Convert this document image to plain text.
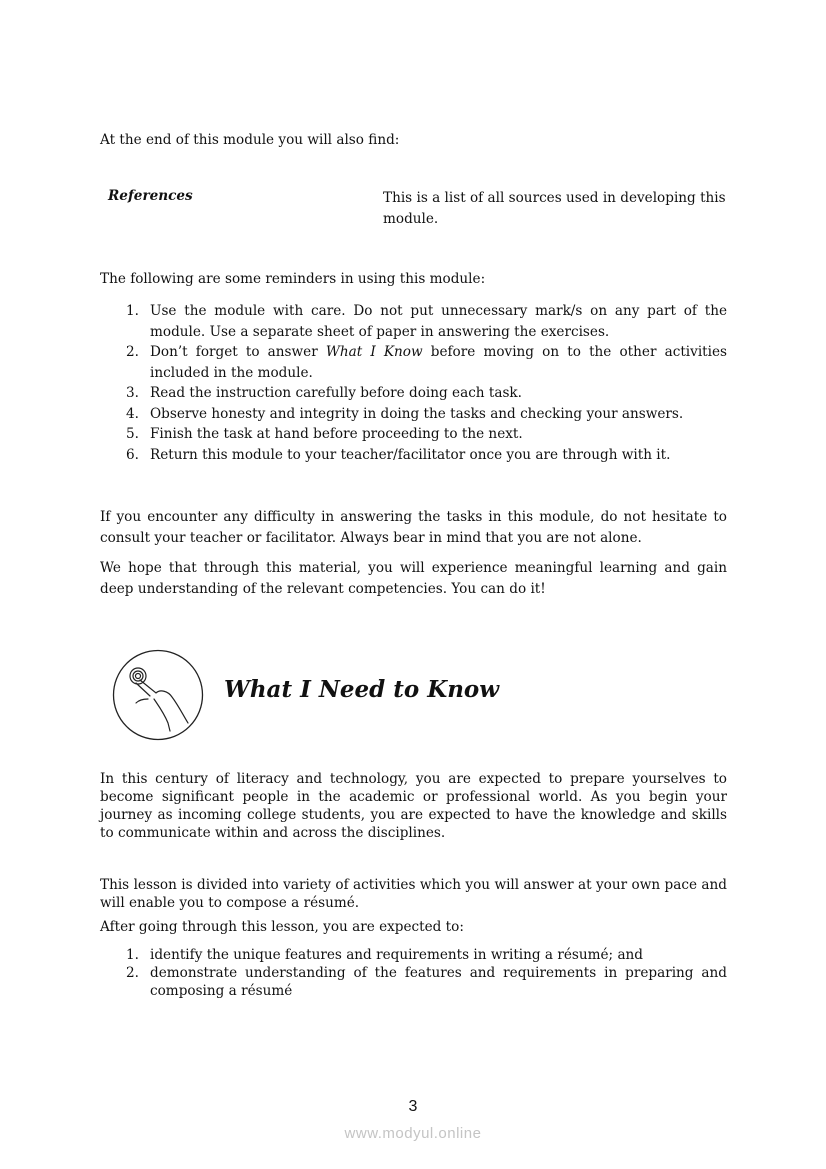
At the end of this module you will also find:

References	This is a list of all sources used in developing this module.

The following are some reminders in using this module:

1. Use the module with care. Do not put unnecessary mark/s on any part of the module. Use a separate sheet of paper in answering the exercises.
2. Don’t forget to answer What I Know before moving on to the other activities included in the module.
3. Read the instruction carefully before doing each task.
4. Observe honesty and integrity in doing the tasks and checking your answers.
5. Finish the task at hand before proceeding to the next.
6. Return this module to your teacher/facilitator once you are through with it.

If you encounter any difficulty in answering the tasks in this module, do not hesitate to consult your teacher or facilitator. Always bear in mind that you are not alone.

We hope that through this material, you will experience meaningful learning and gain deep understanding of the relevant competencies. You can do it!

What I Need to Know

In this century of literacy and technology, you are expected to prepare yourselves to become significant people in the academic or professional world. As you begin your journey as incoming college students, you are expected to have the knowledge and skills to communicate within and across the disciplines.

This lesson is divided into variety of activities which you will answer at your own pace and will enable you to compose a résumé.

After going through this lesson, you are expected to:

1. identify the unique features and requirements in writing a résumé; and
2. demonstrate understanding of the features and requirements in preparing and composing a résumé
3
www.modyul.online
